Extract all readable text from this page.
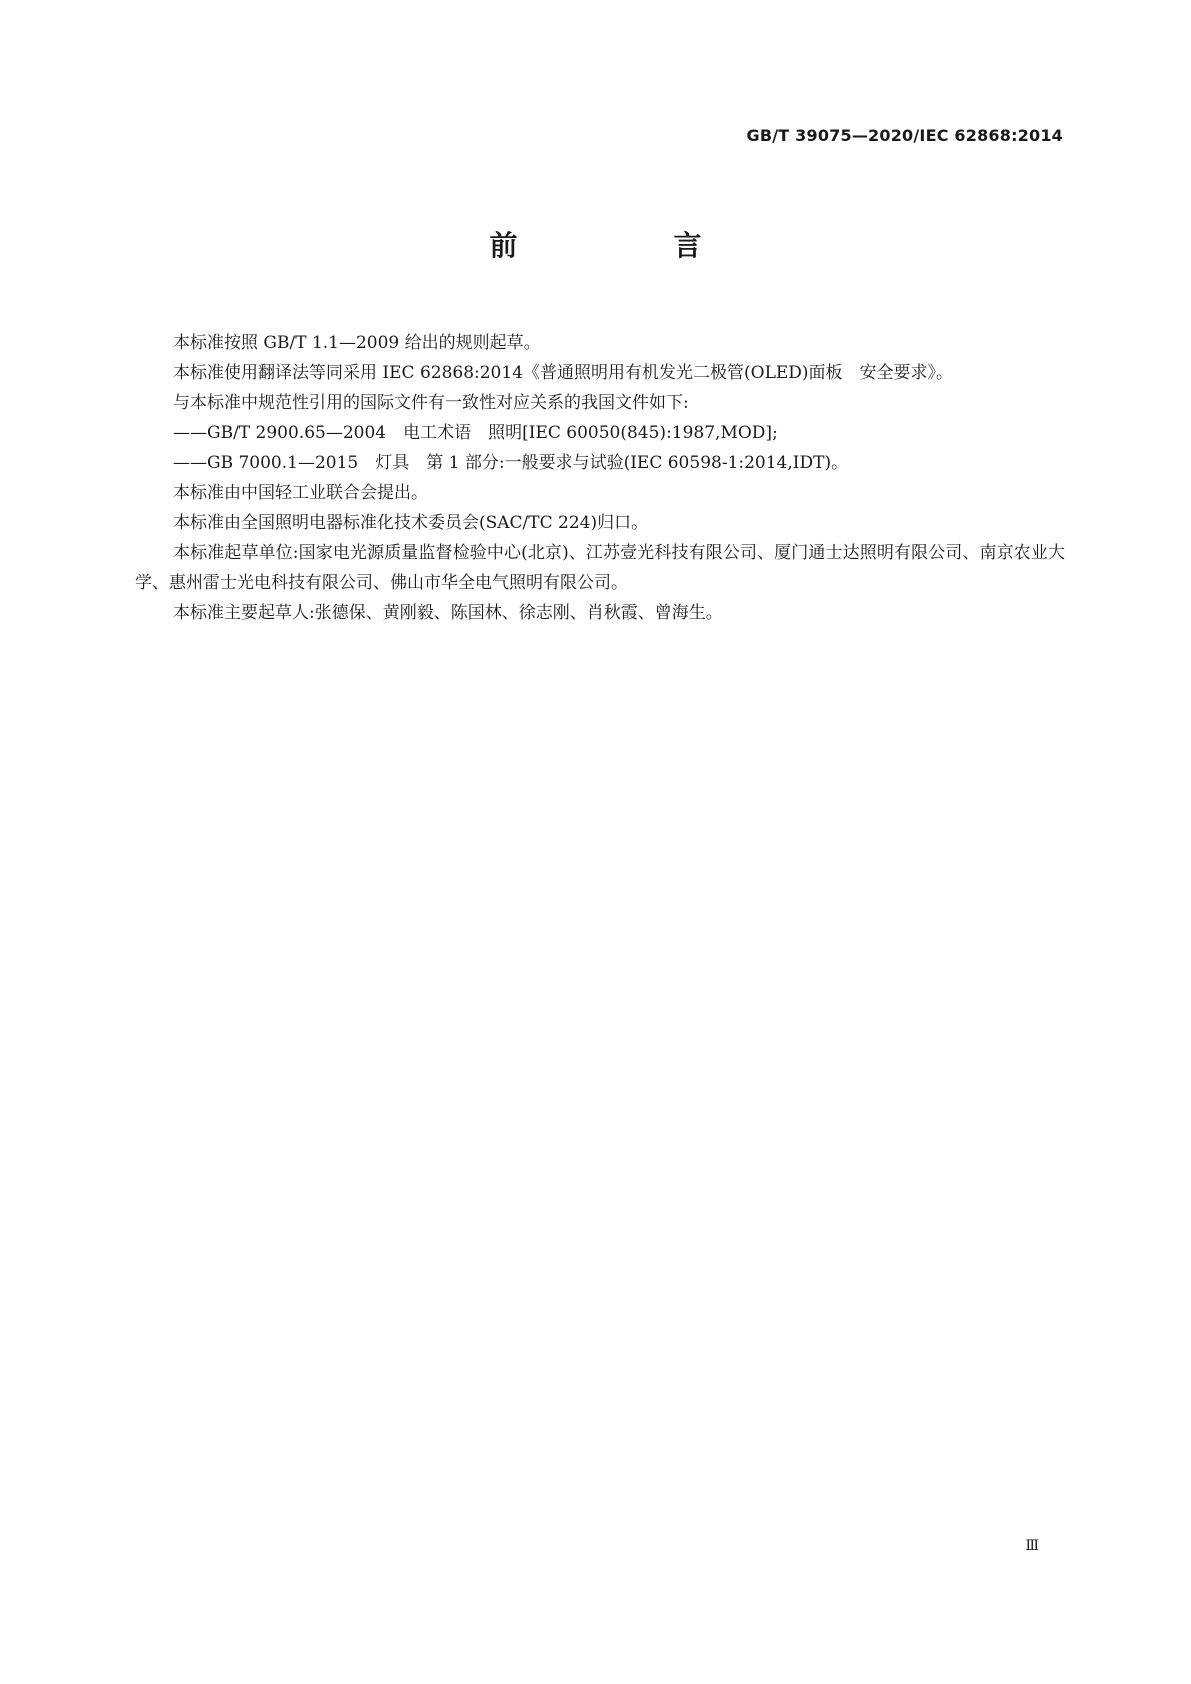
GB/T 39075—2020/IEC 62868:2014
前　言

本标准按照 GB/T 1.1—2009 给出的规则起草。

本标准使用翻译法等同采用 IEC 62868:2014《普通照明用有机发光二极管(OLED)面板　安全要求》。

与本标准中规范性引用的国际文件有一致性对应关系的我国文件如下:

——GB/T 2900.65—2004　电工术语　照明[IEC 60050(845):1987,MOD];

——GB 7000.1—2015　灯具　第 1 部分:一般要求与试验(IEC 60598-1:2014,IDT)。

本标准由中国轻工业联合会提出。

本标准由全国照明电器标准化技术委员会(SAC/TC 224)归口。

本标准起草单位:国家电光源质量监督检验中心(北京)、江苏壹光科技有限公司、厦门通士达照明有限公司、南京农业大学、惠州雷士光电科技有限公司、佛山市华全电气照明有限公司。

本标准主要起草人:张德保、黄刚毅、陈国林、徐志刚、肖秋霞、曾海生。

Ⅲ
